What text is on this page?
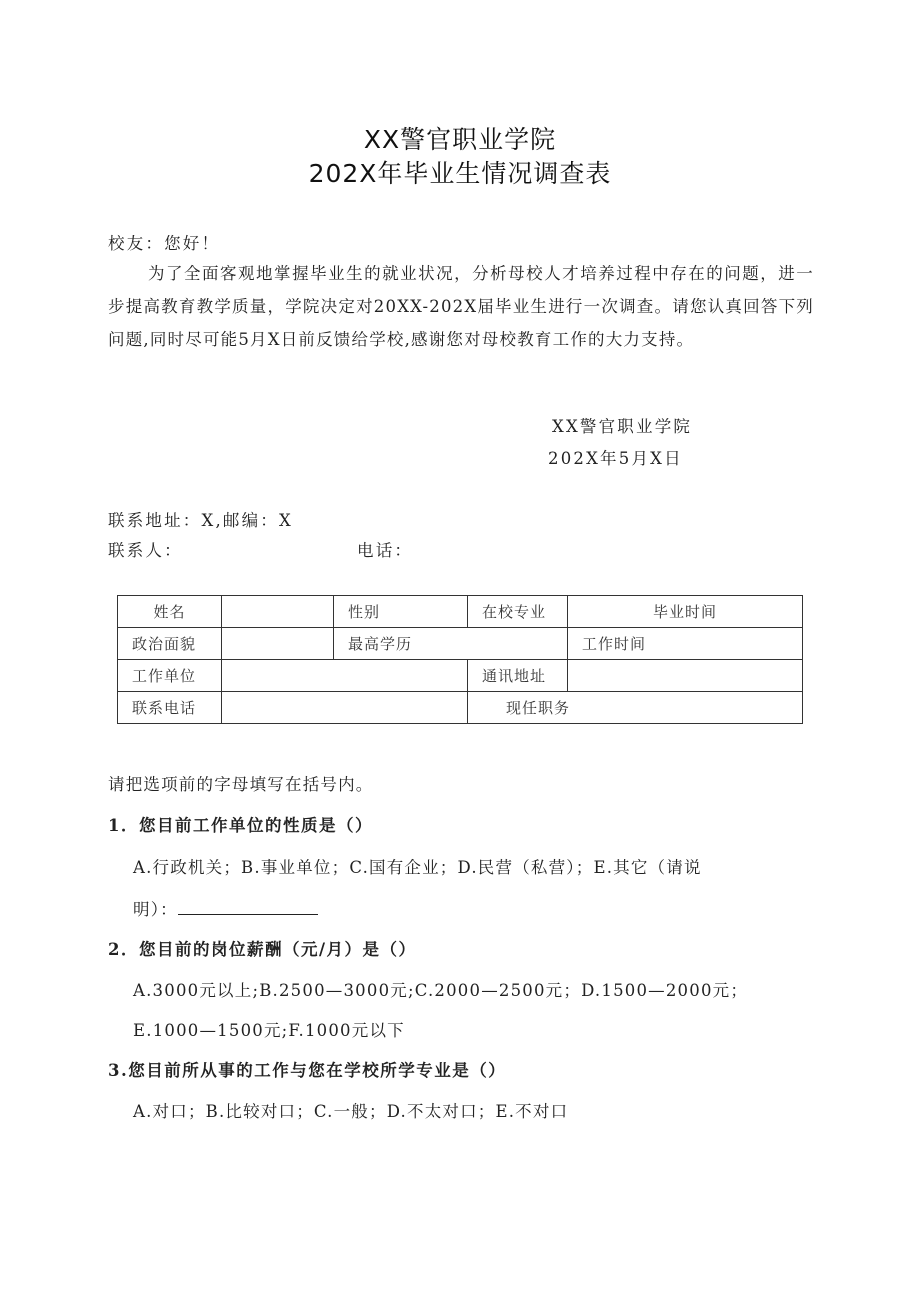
XX警官职业学院
202X年毕业生情况调查表
校友：您好！
为了全面客观地掌握毕业生的就业状况，分析母校人才培养过程中存在的问题，进一步提高教育教学质量，学院决定对20XX-202X届毕业生进行一次调查。请您认真回答下列问题,同时尽可能5月X日前反馈给学校,感谢您对母校教育工作的大力支持。
XX警官职业学院
202X年5月X日
联系地址：X,邮编：X
联系人：	电话：
姓名		性别	在校专业	毕业时间
政治面貌		最高学历		工作时间
工作单位			通讯地址	
联系电话			现任职务	
请把选项前的字母填写在括号内。
1．您目前工作单位的性质是（）
A.行政机关；B.事业单位；C.国有企业；D.民营（私营）；E.其它（请说
明）：
2．您目前的岗位薪酬（元/月）是（）
A.3000元以上;B.2500—3000元;C.2000—2500元；D.1500—2000元；
E.1000—1500元;F.1000元以下
3.您目前所从事的工作与您在学校所学专业是（）
A.对口；B.比较对口；C.一般；D.不太对口；E.不对口
